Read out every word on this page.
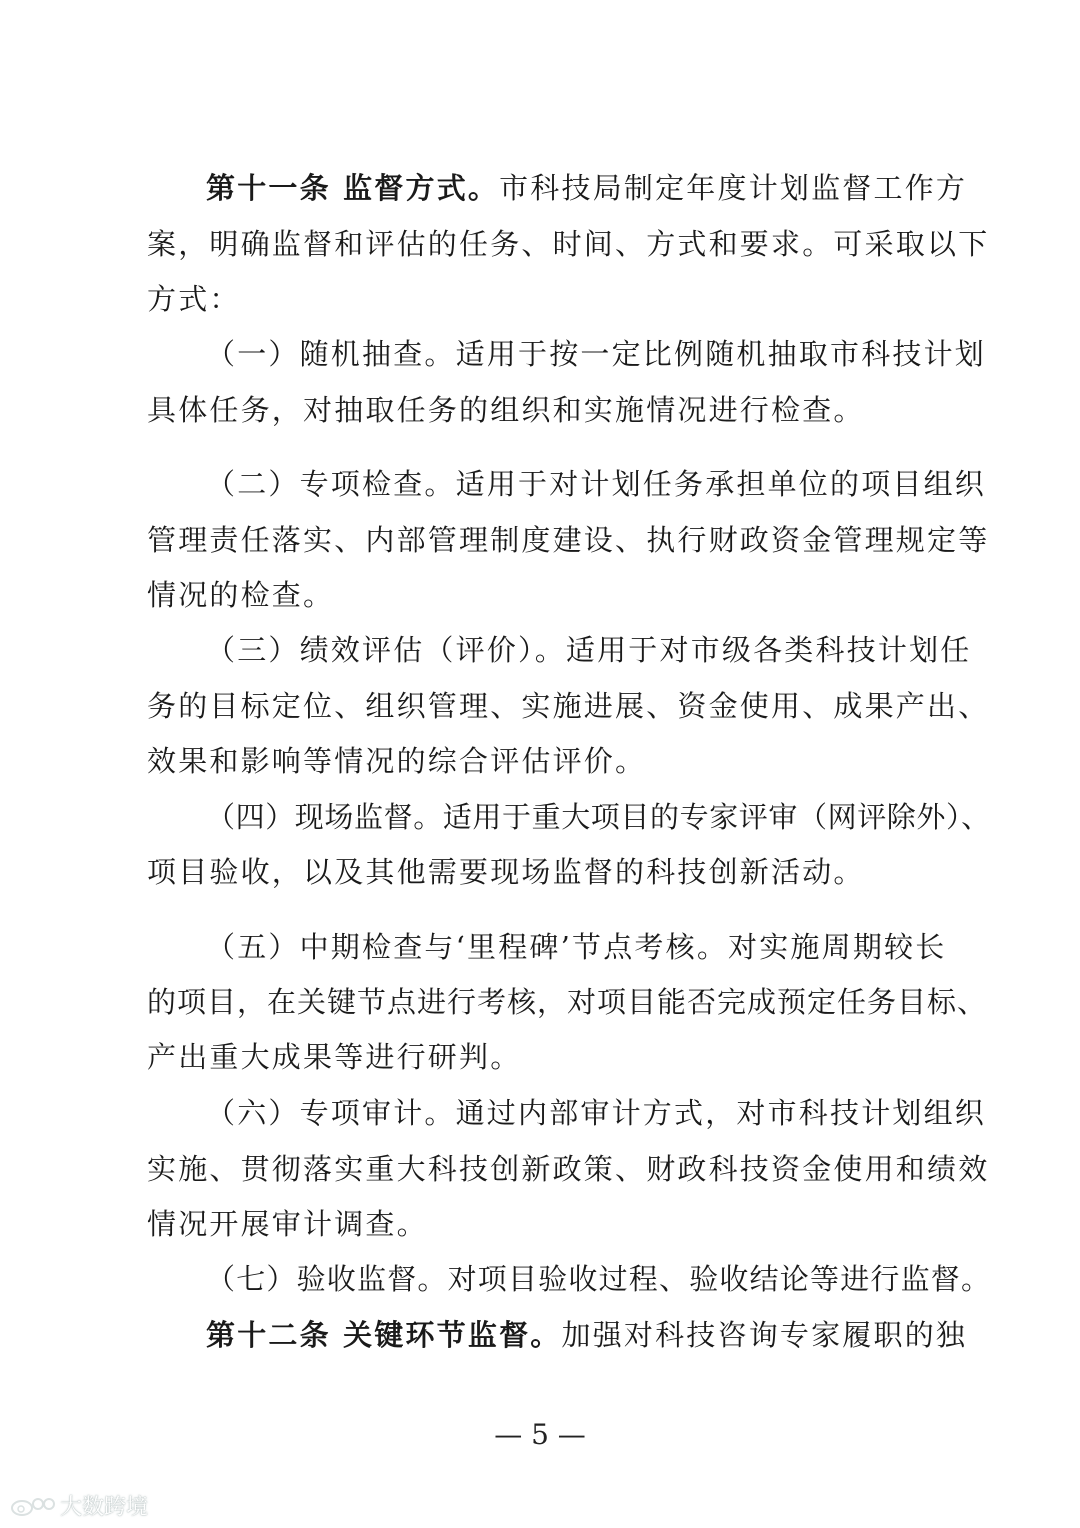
第十一条 监督方式。市科技局制定年度计划监督工作方
案，明确监督和评估的任务、时间、方式和要求。可采取以下
方式：
（一）随机抽查。适用于按一定比例随机抽取市科技计划
具体任务，对抽取任务的组织和实施情况进行检查。
（二）专项检查。适用于对计划任务承担单位的项目组织
管理责任落实、内部管理制度建设、执行财政资金管理规定等
情况的检查。
（三）绩效评估（评价）。适用于对市级各类科技计划任
务的目标定位、组织管理、实施进展、资金使用、成果产出、
效果和影响等情况的综合评估评价。
（四）现场监督。适用于重大项目的专家评审（网评除外）、
项目验收，以及其他需要现场监督的科技创新活动。
（五）中期检查与‘里程碑’节点考核。对实施周期较长
的项目，在关键节点进行考核，对项目能否完成预定任务目标、
产出重大成果等进行研判。
（六）专项审计。通过内部审计方式，对市科技计划组织
实施、贯彻落实重大科技创新政策、财政科技资金使用和绩效
情况开展审计调查。
（七）验收监督。对项目验收过程、验收结论等进行监督。
第十二条 关键环节监督。加强对科技咨询专家履职的独
— 5 —
大数跨境
